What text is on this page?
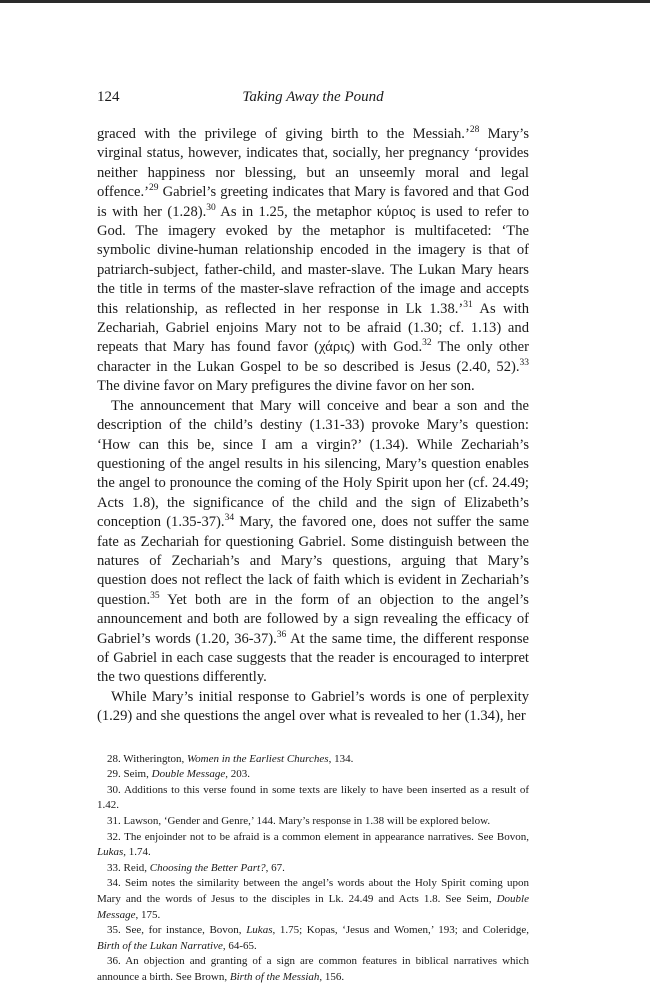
124	Taking Away the Pound

graced with the privilege of giving birth to the Messiah.’$^{28}$ Mary’s virginal status, however, indicates that, socially, her pregnancy ‘provides neither happiness nor blessing, but an unseemly moral and legal offence.’$^{29}$ Gabriel’s greeting indicates that Mary is favored and that God is with her (1.28).$^{30}$ As in 1.25, the metaphor κύριος is used to refer to God. The imagery evoked by the metaphor is multifaceted: ‘The symbolic divine-human relationship encoded in the imagery is that of patriarch-subject, father-child, and master-slave. The Lukan Mary hears the title in terms of the master-slave refraction of the image and accepts this relationship, as reflected in her response in Lk 1.38.’$^{31}$ As with Zechariah, Gabriel enjoins Mary not to be afraid (1.30; cf. 1.13) and repeats that Mary has found favor (χάρις) with God.$^{32}$ The only other character in the Lukan Gospel to be so described is Jesus (2.40, 52).$^{33}$ The divine favor on Mary prefigures the divine favor on her son.

The announcement that Mary will conceive and bear a son and the description of the child’s destiny (1.31-33) provoke Mary’s question: ‘How can this be, since I am a virgin?’ (1.34). While Zechariah’s questioning of the angel results in his silencing, Mary’s question enables the angel to pronounce the coming of the Holy Spirit upon her (cf. 24.49; Acts 1.8), the significance of the child and the sign of Elizabeth’s conception (1.35-37).$^{34}$ Mary, the favored one, does not suffer the same fate as Zechariah for questioning Gabriel. Some distinguish between the natures of Zechariah’s and Mary’s questions, arguing that Mary’s question does not reflect the lack of faith which is evident in Zechariah’s question.$^{35}$ Yet both are in the form of an objection to the angel’s announcement and both are followed by a sign revealing the efficacy of Gabriel’s words (1.20, 36-37).$^{36}$ At the same time, the different response of Gabriel in each case suggests that the reader is encouraged to interpret the two questions differently.

While Mary’s initial response to Gabriel’s words is one of perplexity (1.29) and she questions the angel over what is revealed to her (1.34), her

28. Witherington, Women in the Earliest Churches, 134.

29. Seim, Double Message, 203.

30. Additions to this verse found in some texts are likely to have been inserted as a result of 1.42.

31. Lawson, ‘Gender and Genre,’ 144. Mary’s response in 1.38 will be explored below.

32. The enjoinder not to be afraid is a common element in appearance narratives. See Bovon, Lukas, 1.74.

33. Reid, Choosing the Better Part?, 67.

34. Seim notes the similarity between the angel’s words about the Holy Spirit coming upon Mary and the words of Jesus to the disciples in Lk. 24.49 and Acts 1.8. See Seim, Double Message, 175.

35. See, for instance, Bovon, Lukas, 1.75; Kopas, ‘Jesus and Women,’ 193; and Coleridge, Birth of the Lukan Narrative, 64-65.

36. An objection and granting of a sign are common features in biblical narratives which announce a birth. See Brown, Birth of the Messiah, 156.
